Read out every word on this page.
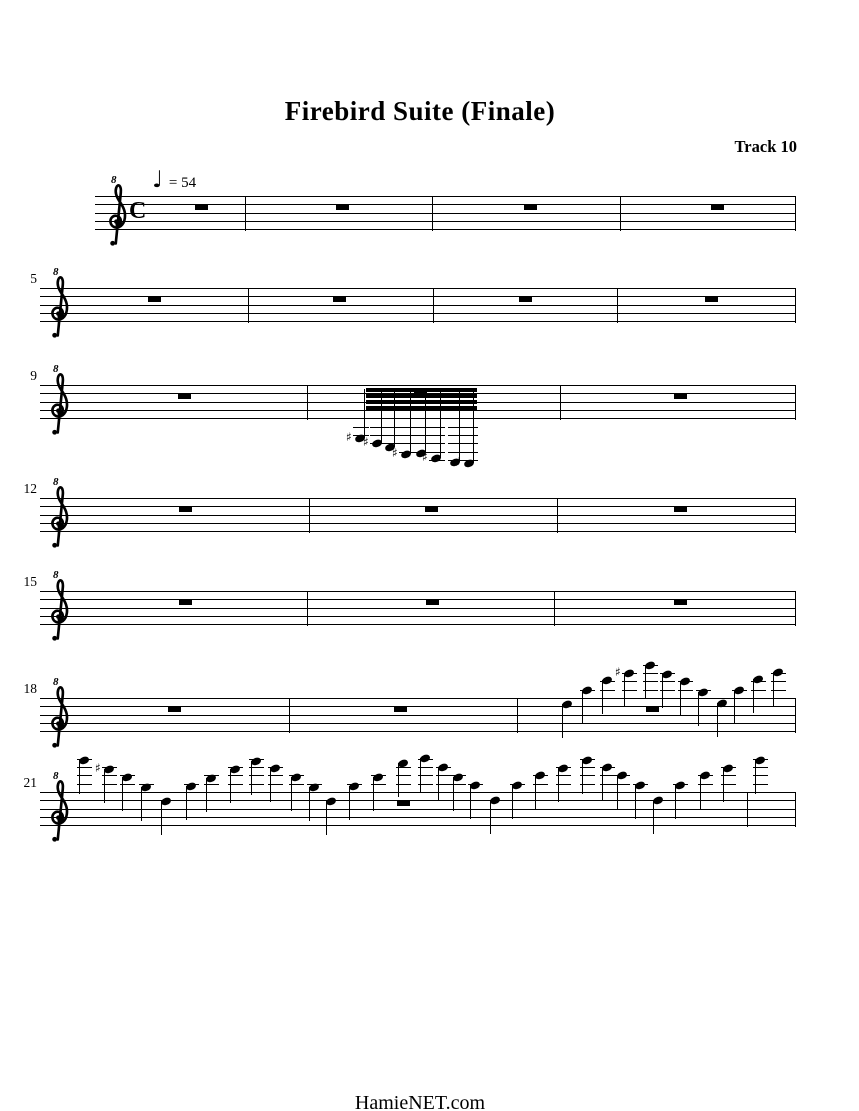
Firebird Suite (Finale)
Track 10
♩ = 54
8
C
8
5
8
9
♯ ♯
♯ ♯ ♯
8
12
8
15
8
18
♯
8
21
♯
HamieNET.com
